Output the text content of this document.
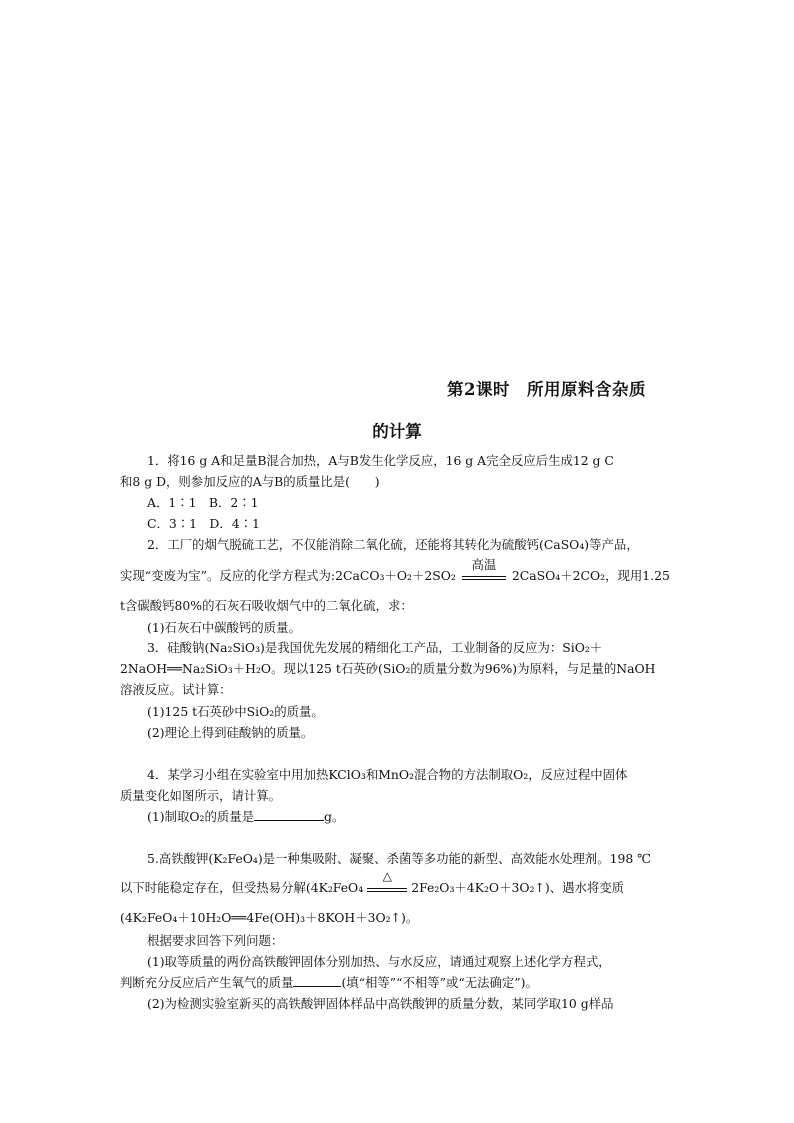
第2课时　所用原料含杂质
的计算
1．将16 g A和足量B混合加热，A与B发生化学反应，16 g A完全反应后生成12 g C
和8 g D，则参加反应的A与B的质量比是(　　)
A．1∶1　B．2∶1
C．3∶1　D．4∶1
2．工厂的烟气脱硫工艺，不仅能消除二氧化硫，还能将其转化为硫酸钙(CaSO₄)等产品，
实现“变废为宝”。反应的化学方程式为:2CaCO₃＋O₂＋2SO₂
高温
2CaSO₄＋2CO₂，现用1.25
t含碳酸钙80%的石灰石吸收烟气中的二氧化硫，求：
(1)石灰石中碳酸钙的质量。
3．硅酸钠(Na₂SiO₃)是我国优先发展的精细化工产品，工业制备的反应为：SiO₂＋
2NaOH══Na₂SiO₃＋H₂O。现以125 t石英砂(SiO₂的质量分数为96%)为原料，与足量的NaOH
溶液反应。试计算：
(1)125 t石英砂中SiO₂的质量。
(2)理论上得到硅酸钠的质量。
4．某学习小组在实验室中用加热KClO₃和MnO₂混合物的方法制取O₂，反应过程中固体
质量变化如图所示，请计算。
(1)制取O₂的质量是	g。
5.高铁酸钾(K₂FeO₄)是一种集吸附、凝聚、杀菌等多功能的新型、高效能水处理剂。198 ℃
以下时能稳定存在，但受热易分解(4K₂FeO₄
△
2Fe₂O₃＋4K₂O＋3O₂↑)、遇水将变质
(4K₂FeO₄＋10H₂O══4Fe(OH)₃＋8KOH＋3O₂↑)。
根据要求回答下列问题：
(1)取等质量的两份高铁酸钾固体分别加热、与水反应，请通过观察上述化学方程式，
判断充分反应后产生氧气的质量	(填“相等”“不相等”或“无法确定”)。
(2)为检测实验室新买的高铁酸钾固体样品中高铁酸钾的质量分数，某同学取10 g样品
